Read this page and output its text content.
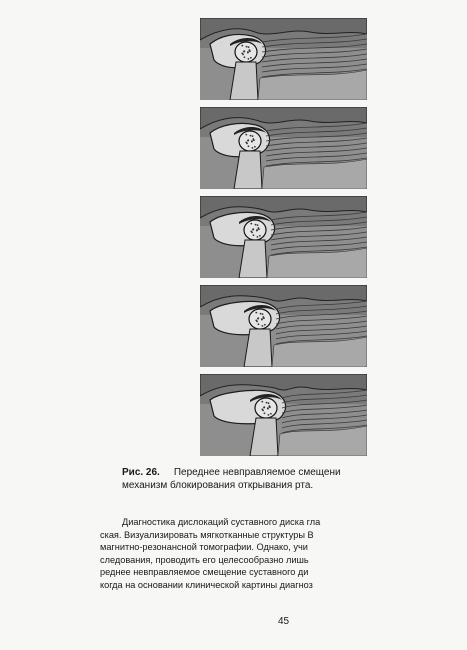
Рис. 26. Переднее невправляемое смещени
механизм блокирования открывания рта.
Диагностика дислокаций суставного диска гла
ская. Визуализировать мягкотканные структуры В
магнитно-резонансной томографии. Однако, учи
следования, проводить его целесообразно лишь
реднее невправляемое смещение суставного ди
когда на основании клинической картины диагноз
45
